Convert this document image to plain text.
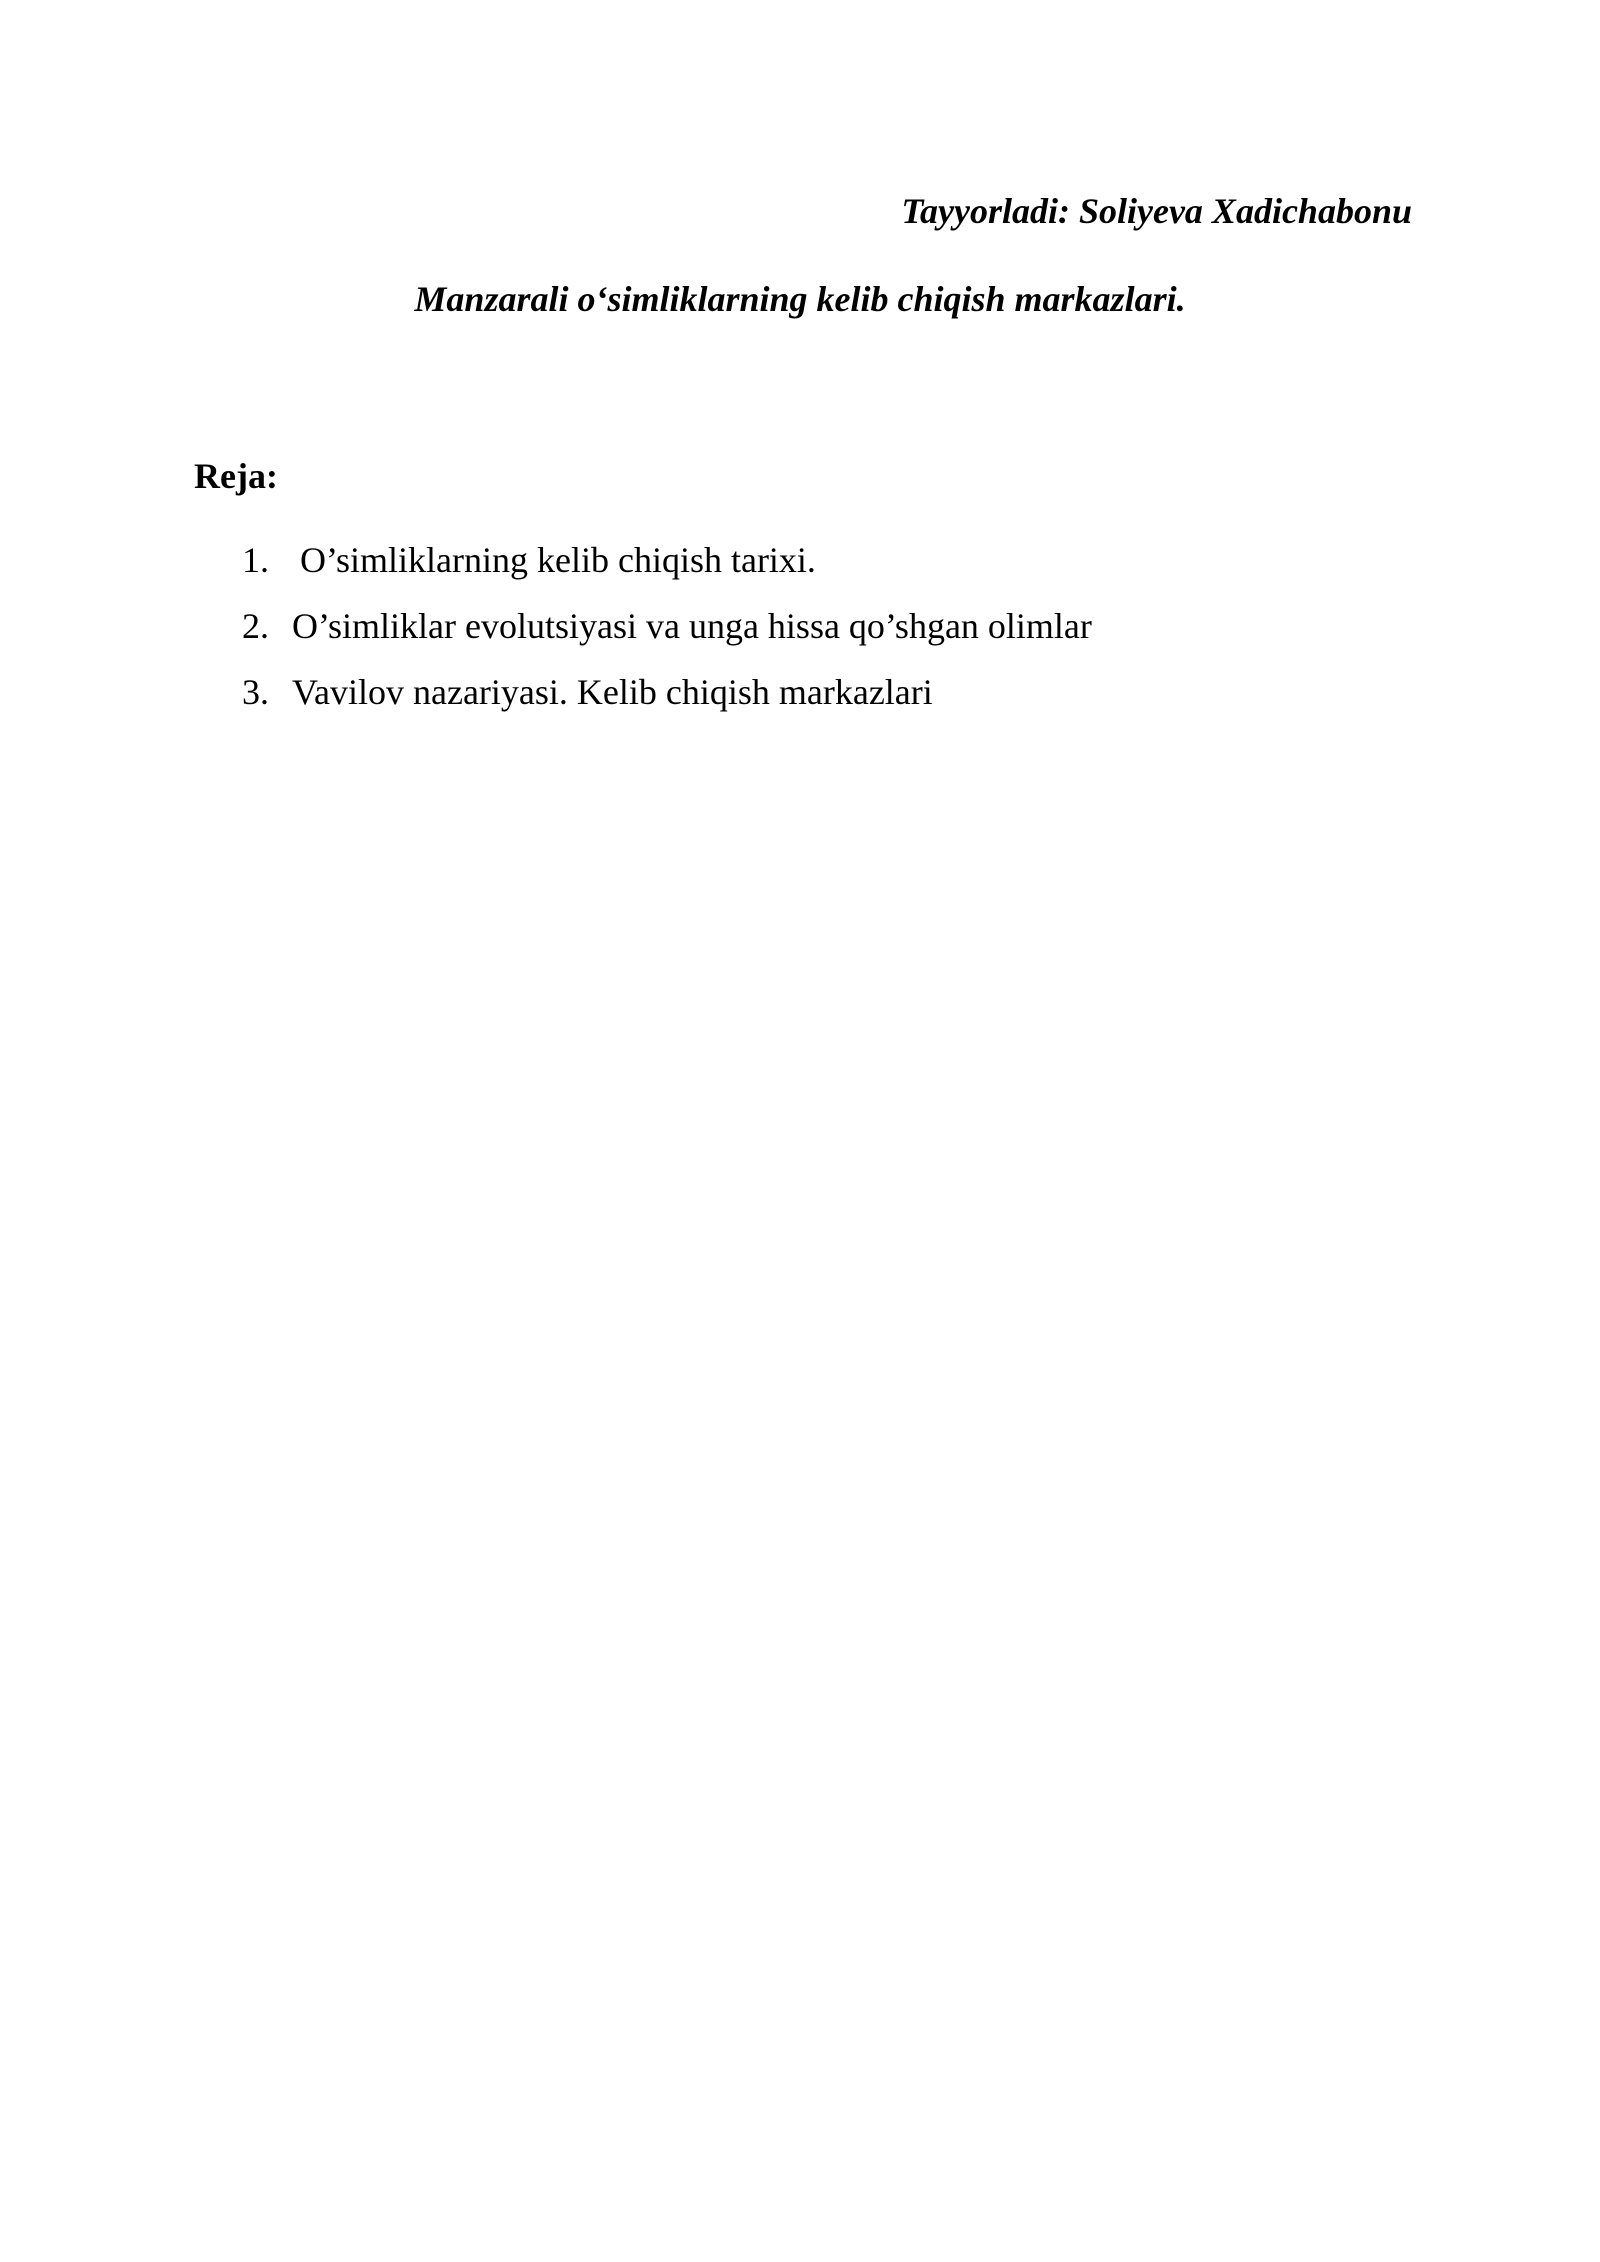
Tayyorladi: Soliyeva Xadichabonu
Manzarali o‘simliklarning kelib chiqish markazlari.
Reja:
1. O’simliklarning kelib chiqish tarixi.
2. O’simliklar evolutsiyasi va unga hissa qo’shgan olimlar
3. Vavilov nazariyasi. Kelib chiqish markazlari
